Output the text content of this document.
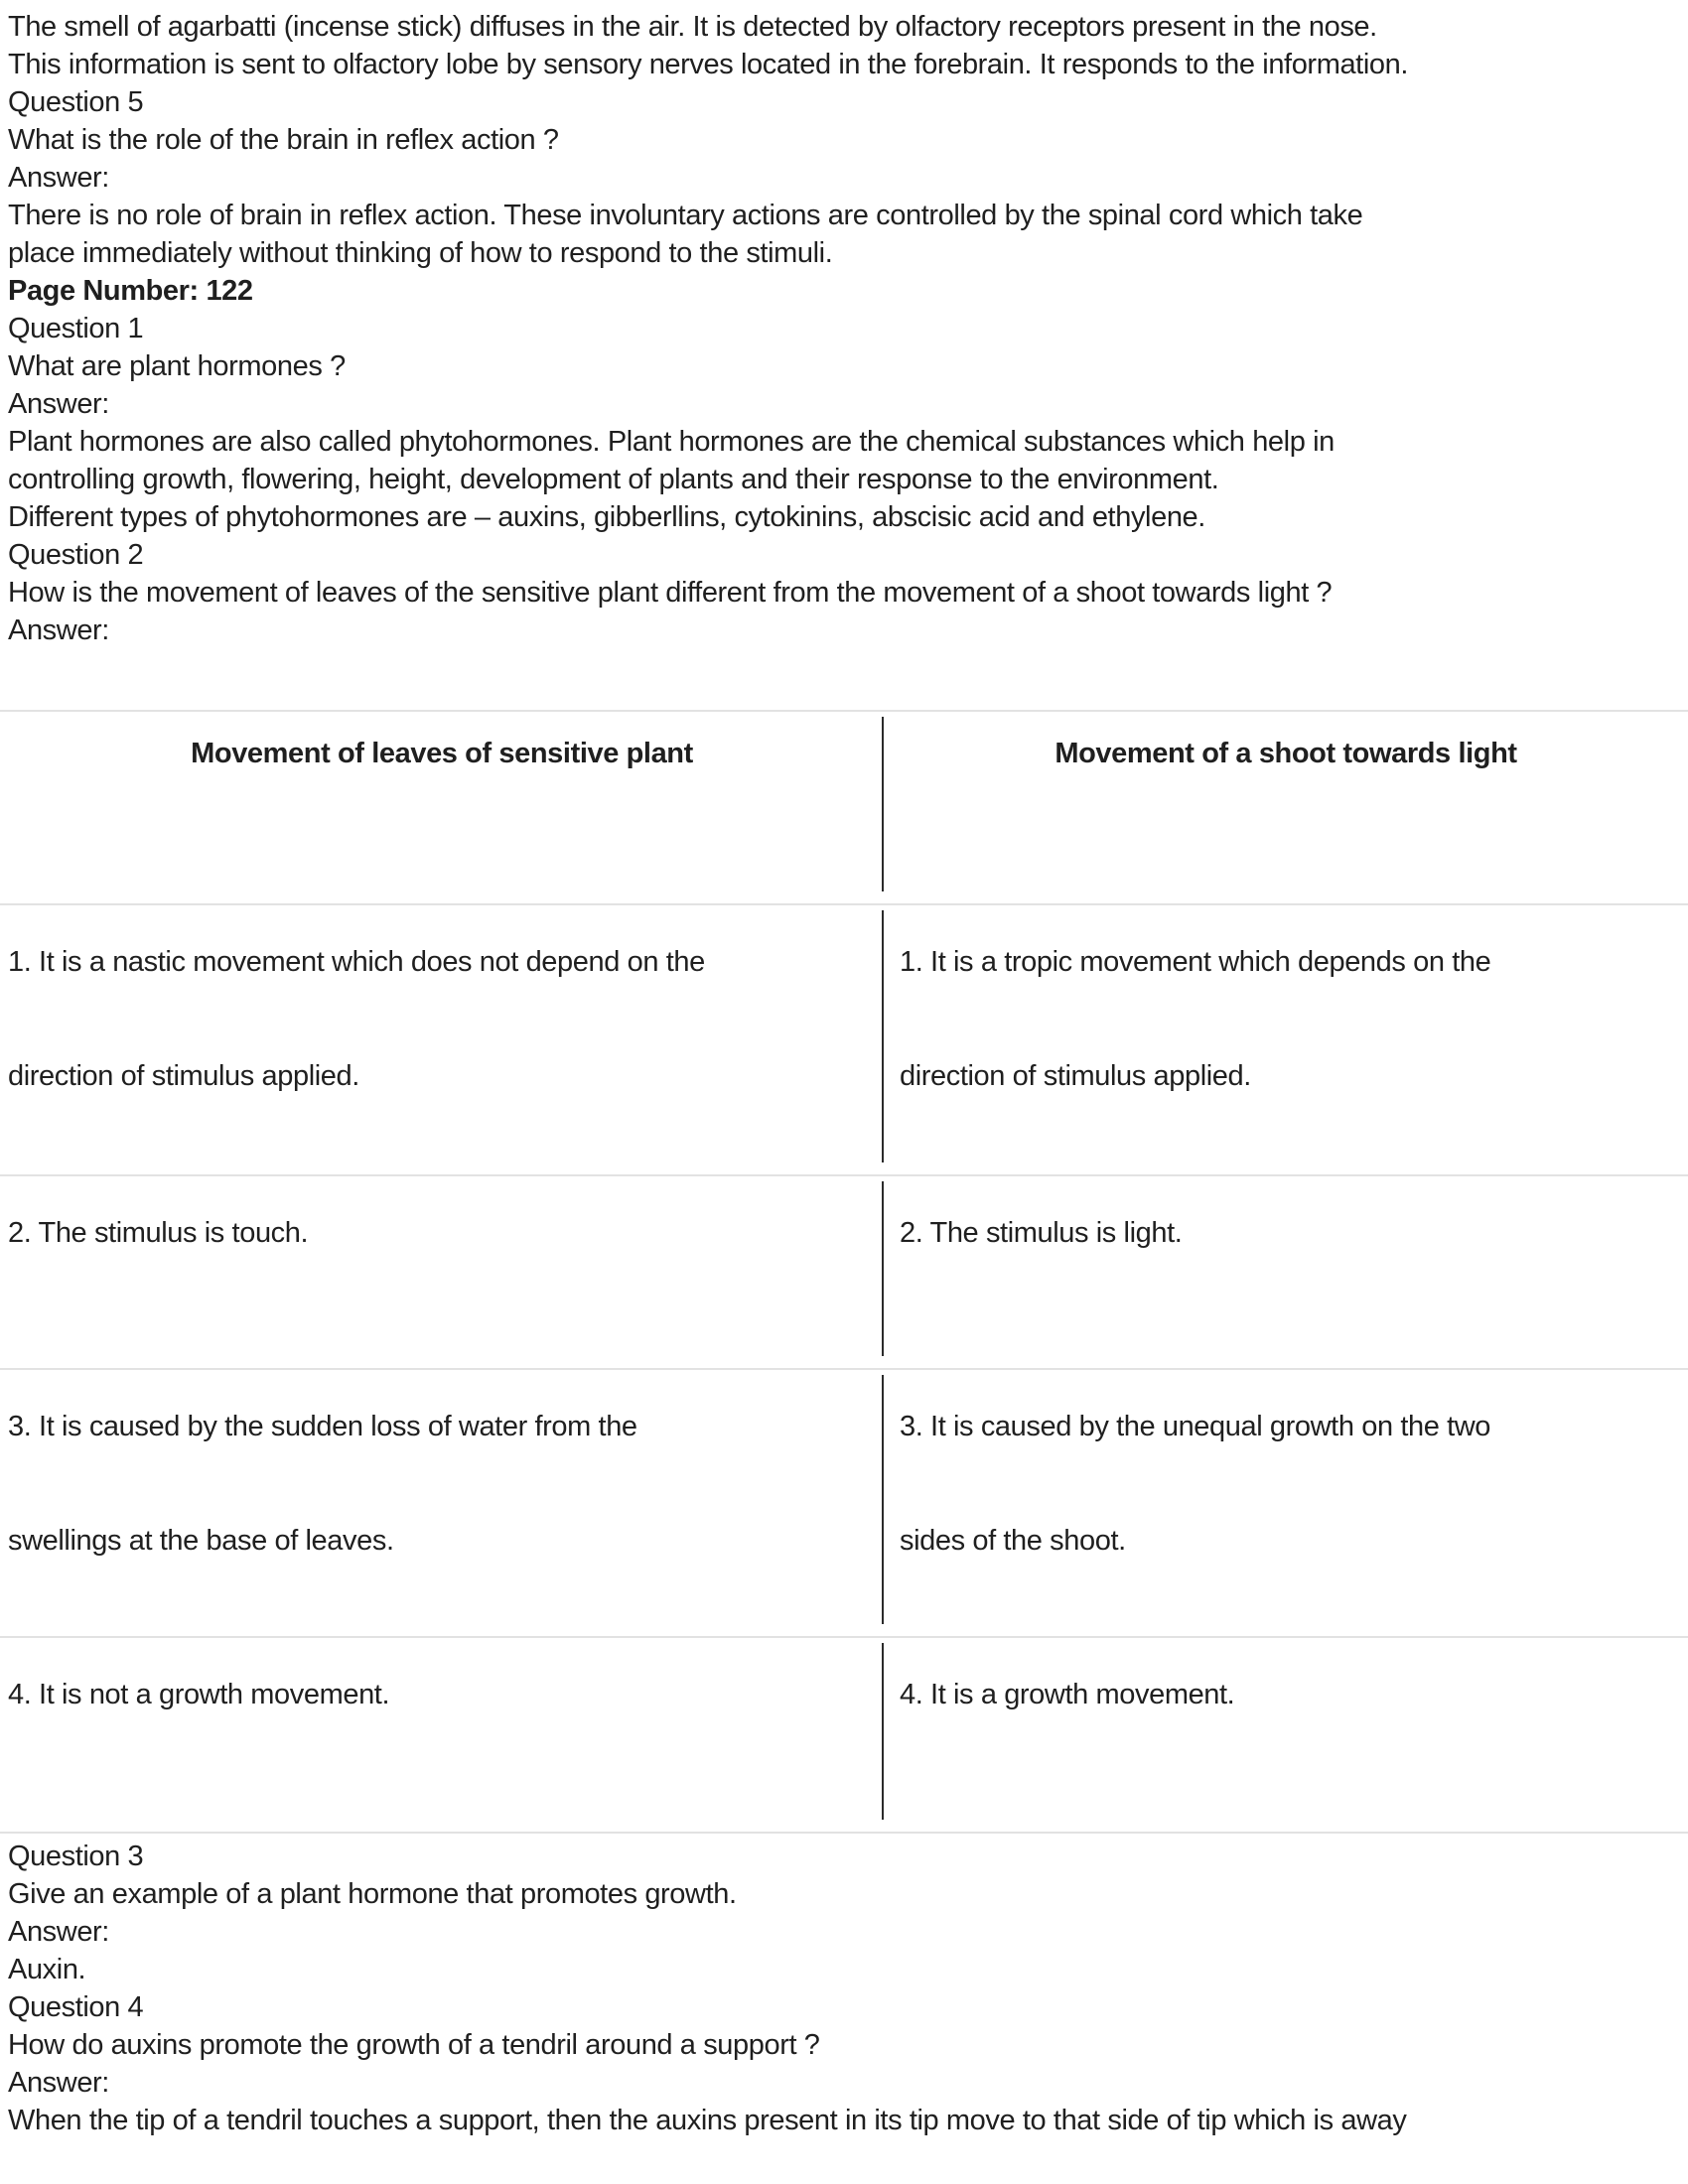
The smell of agarbatti (incense stick) diffuses in the air. It is detected by olfactory receptors present in the nose.
This information is sent to olfactory lobe by sensory nerves located in the forebrain. It responds to the information.
Question 5
What is the role of the brain in reflex action ?
Answer:
There is no role of brain in reflex action. These involuntary actions are controlled by the spinal cord which take
place immediately without thinking of how to respond to the stimuli.
Page Number: 122
Question 1
What are plant hormones ?
Answer:
Plant hormones are also called phytohormones. Plant hormones are the chemical substances which help in
controlling growth, flowering, height, development of plants and their response to the environment.
Different types of phytohormones are – auxins, gibberllins, cytokinins, abscisic acid and ethylene.
Question 2
How is the movement of leaves of the sensitive plant different from the movement of a shoot towards light ?
Answer:
Movement of leaves of sensitive plant	Movement of a shoot towards light
1. It is a nastic movement which does not depend on the
direction of stimulus applied.
1. It is a tropic movement which depends on the
direction of stimulus applied.
2. The stimulus is touch.	2. The stimulus is light.
3. It is caused by the sudden loss of water from the
swellings at the base of leaves.
3. It is caused by the unequal growth on the two
sides of the shoot.
4. It is not a growth movement.	4. It is a growth movement.
Question 3
Give an example of a plant hormone that promotes growth.
Answer:
Auxin.
Question 4
How do auxins promote the growth of a tendril around a support ?
Answer:
When the tip of a tendril touches a support, then the auxins present in its tip move to that side of tip which is away
